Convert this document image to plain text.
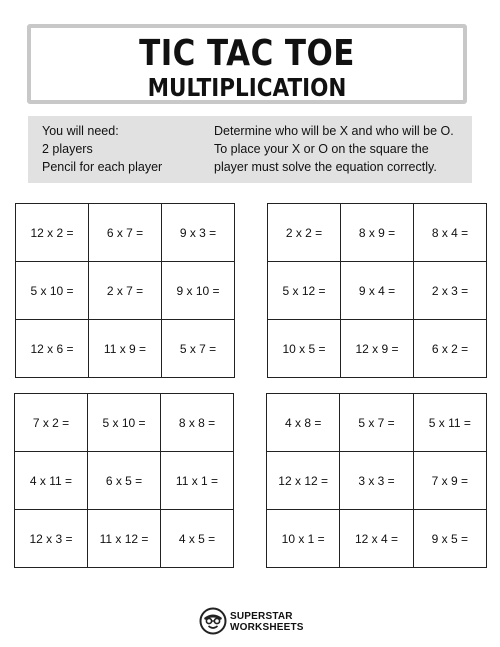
TIC TAC TOE
MULTIPLICATION
You will need:
2 players
Pencil for each player
Determine who will be X and who will be O.
To place your X or O on the square the
player must solve the equation correctly.
12 x 2 =	6 x 7 =	9 x 3 =
5 x 10 =	2 x 7 =	9 x 10 =
12 x 6 =	11 x 9 =	5 x 7 =
2 x 2 =	8 x 9 =	8 x 4 =
5 x 12 =	9 x 4 =	2 x 3 =
10 x 5 =	12 x 9 =	6 x 2 =
7 x 2 =	5 x 10 =	8 x 8 =
4 x 11 =	6 x 5 =	11 x 1 =
12 x 3 =	11 x 12 =	4 x 5 =
4 x 8 =	5 x 7 =	5 x 11 =
12 x 12 =	3 x 3 =	7 x 9 =
10 x 1 =	12 x 4 =	9 x 5 =
SUPERSTAR
WORKSHEETS
